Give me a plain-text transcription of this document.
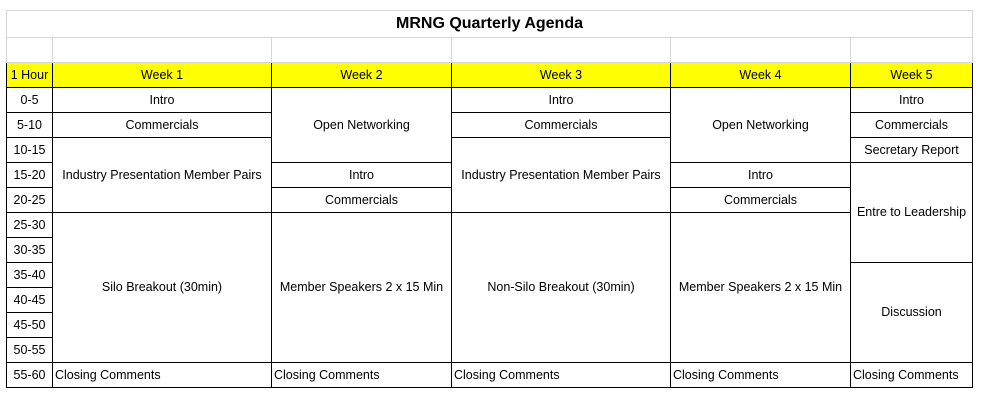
MRNG Quarterly Agenda					

1 Hour	Week 1	Week 2	Week 3	Week 4	Week 5
0-5	Intro	Open Networking	Intro	Open Networking	Intro
5-10	Commercials		Commercials		Commercials
10-15	Industry Presentation Member Pairs		Industry Presentation Member Pairs		Secretary Report
15-20		Intro		Intro	Entre to Leadership
20-25		Commercials		Commercials	
25-30	Silo Breakout (30min)	Member Speakers 2 x 15 Min	Non-Silo Breakout (30min)	Member Speakers 2 x 15 Min	
30-35					
35-40					Discussion
40-45					
45-50					
50-55					
55-60	Closing Comments	Closing Comments	Closing Comments	Closing Comments	Closing Comments
